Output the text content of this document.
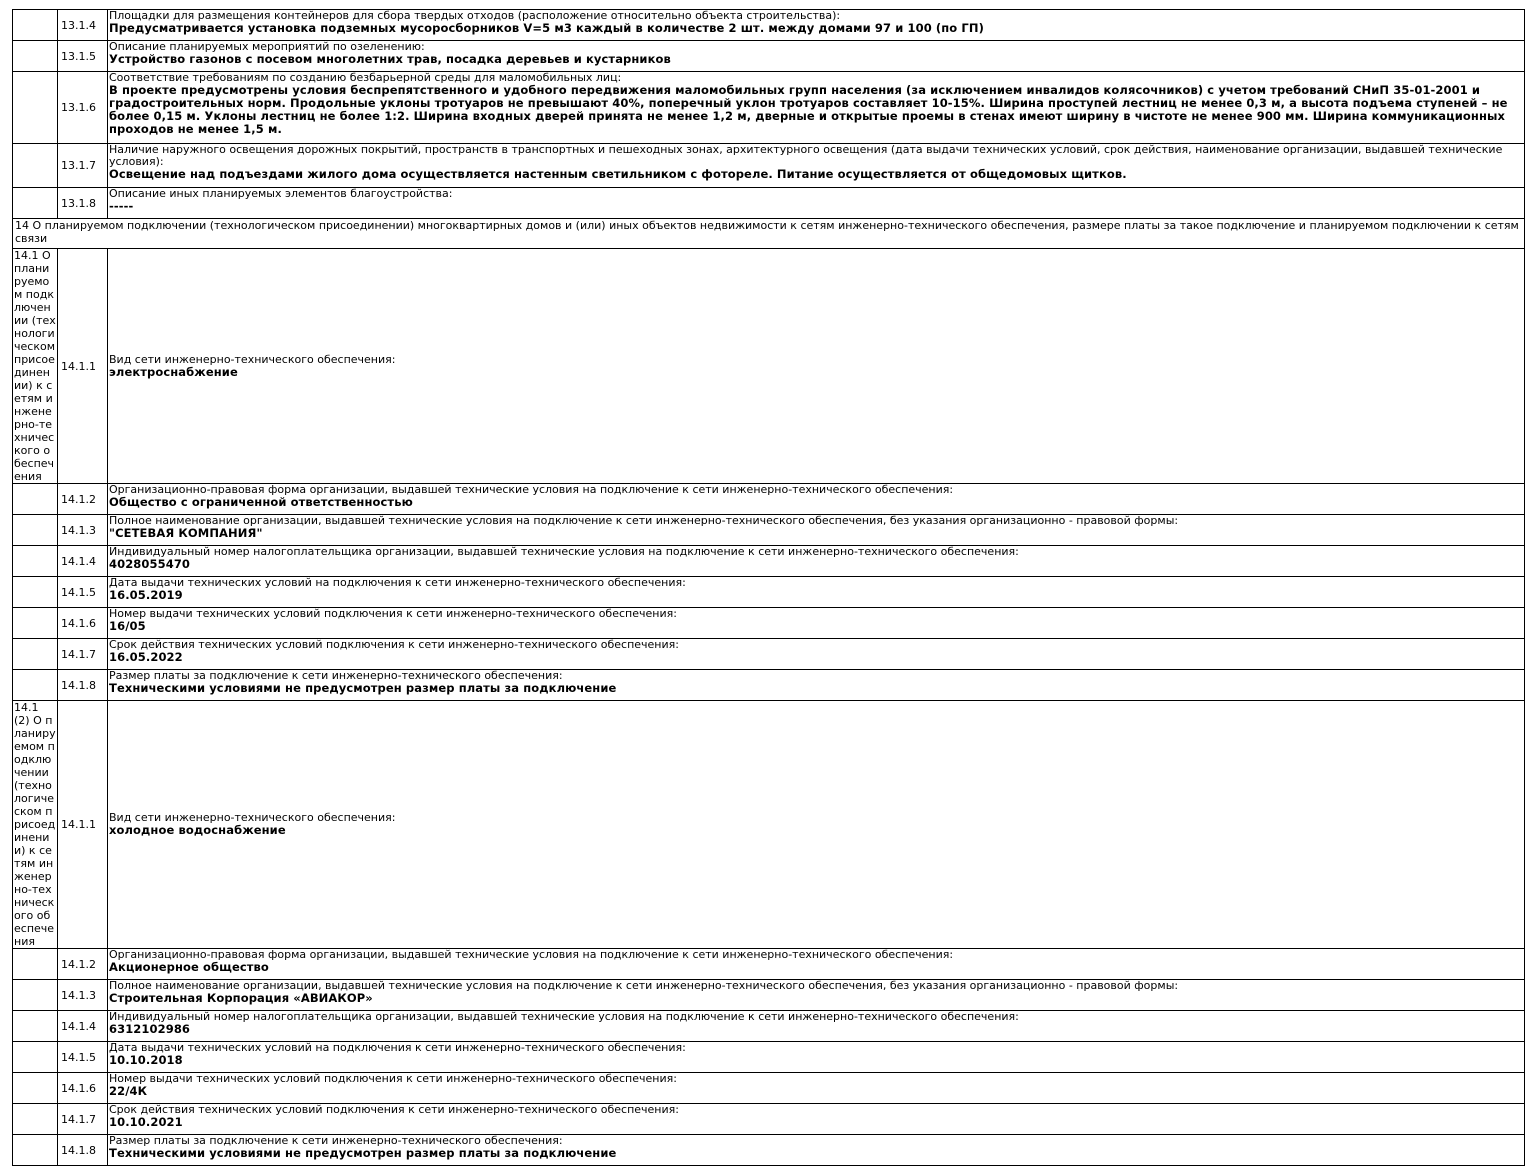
	13.1.4	Площадки для размещения контейнеров для сбора твердых отходов (расположение относительно объекта строительства):
Предусматривается установка подземных мусоросборников V=5 м3 каждый в количестве 2 шт. между домами 97 и 100 (по ГП)

	13.1.5	Описание планируемых мероприятий по озеленению:
Устройство газонов с посевом многолетних трав, посадка деревьев и кустарников

	13.1.6	Соответствие требованиям по созданию безбарьерной среды для маломобильных лиц:
В проекте предусмотрены условия беспрепятственного и удобного передвижения маломобильных групп населения (за исключением инвалидов колясочников) с учетом требований СНиП 35-01-2001 и градостроительных норм. Продольные уклоны тротуаров не превышают 40%, поперечный уклон тротуаров составляет 10-15%. Ширина проступей лестниц не менее 0,3 м, а высота подъема ступеней – не более 0,15 м. Уклоны лестниц не более 1:2. Ширина входных дверей принята не менее 1,2 м, дверные и открытые проемы в стенах имеют ширину в чистоте не менее 900 мм. Ширина коммуникационных проходов не менее 1,5 м.

	13.1.7	Наличие наружного освещения дорожных покрытий, пространств в транспортных и пешеходных зонах, архитектурного освещения (дата выдачи технических условий, срок действия, наименование организации, выдавшей технические условия):
Освещение над подъездами жилого дома осуществляется настенным светильником с фотореле. Питание осуществляется от общедомовых щитков.

	13.1.8	Описание иных планируемых элементов благоустройства:
-----

14 О планируемом подключении (технологическом присоединении) многоквартирных домов и (или) иных объектов недвижимости к сетям инженерно-технического обеспечения, размере платы за такое подключение и планируемом подключении к сетям связи		
14.1 О планируемом подключении (технологическом присоединении) к сетям инженерно-технического обеспечения	14.1.1	Вид сети инженерно-технического обеспечения:
электроснабжение

	14.1.2	Организационно-правовая форма организации, выдавшей технические условия на подключение к сети инженерно-технического обеспечения:
Общество с ограниченной ответственностью

	14.1.3	Полное наименование организации, выдавшей технические условия на подключение к сети инженерно-технического обеспечения, без указания организационно - правовой формы:
"СЕТЕВАЯ КОМПАНИЯ"

	14.1.4	Индивидуальный номер налогоплательщика организации, выдавшей технические условия на подключение к сети инженерно-технического обеспечения:
4028055470

	14.1.5	Дата выдачи технических условий на подключения к сети инженерно-технического обеспечения:
16.05.2019

	14.1.6	Номер выдачи технических условий подключения к сети инженерно-технического обеспечения:
16/05

	14.1.7	Срок действия технических условий подключения к сети инженерно-технического обеспечения:
16.05.2022

	14.1.8	Размер платы за подключение к сети инженерно-технического обеспечения:
Техническими условиями не предусмотрен размер платы за подключение

14.1 (2) О планируемом подключении (технологическом присоединении) к сетям инженерно-технического обеспечения	14.1.1	Вид сети инженерно-технического обеспечения:
холодное водоснабжение

	14.1.2	Организационно-правовая форма организации, выдавшей технические условия на подключение к сети инженерно-технического обеспечения:
Акционерное общество

	14.1.3	Полное наименование организации, выдавшей технические условия на подключение к сети инженерно-технического обеспечения, без указания организационно - правовой формы:
Строительная Корпорация «АВИАКОР»

	14.1.4	Индивидуальный номер налогоплательщика организации, выдавшей технические условия на подключение к сети инженерно-технического обеспечения:
6312102986

	14.1.5	Дата выдачи технических условий на подключения к сети инженерно-технического обеспечения:
10.10.2018

	14.1.6	Номер выдачи технических условий подключения к сети инженерно-технического обеспечения:
22/4К

	14.1.7	Срок действия технических условий подключения к сети инженерно-технического обеспечения:
10.10.2021

	14.1.8	Размер платы за подключение к сети инженерно-технического обеспечения:
Техническими условиями не предусмотрен размер платы за подключение
